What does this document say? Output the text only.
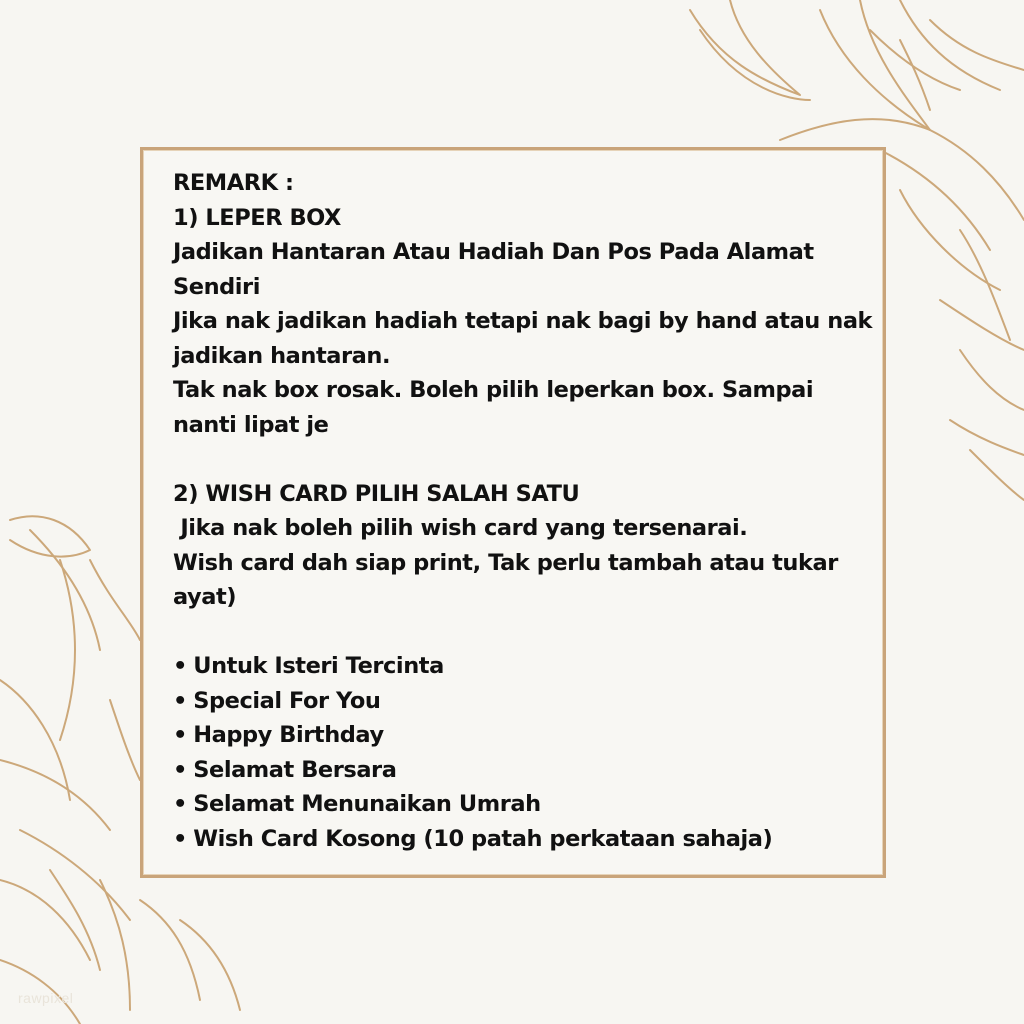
REMARK :
1) LEPER BOX
Jadikan Hantaran Atau Hadiah Dan Pos Pada Alamat
Sendiri
Jika nak jadikan hadiah tetapi nak bagi by hand atau nak
jadikan hantaran.
Tak nak box rosak. Boleh pilih leperkan box. Sampai
nanti lipat je
2) WISH CARD PILIH SALAH SATU
Jika nak boleh pilih wish card yang tersenarai.
Wish card dah siap print, Tak perlu tambah atau tukar
ayat)
• Untuk Isteri Tercinta
• Special For You
• Happy Birthday
• Selamat Bersara
• Selamat Menunaikan Umrah
• Wish Card Kosong (10 patah perkataan sahaja)
rawpixel
